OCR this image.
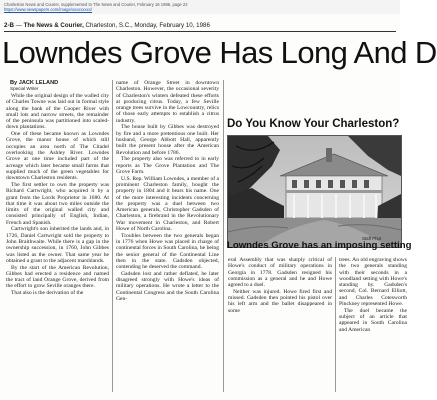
Charleston News and Courier, supplemented to The News and Courier, February 16 1986, page 22
https://www.newspapers.com/image/xxxxxxxxx/
2-B — The News & Courier, Charleston, S.C., Monday, February 10, 1986
Lowndes Grove Has Long And D
By JACK LELAND
Special Writer

While the original design of the walled city of Charles Towne was laid out in formal style along the bank of the Cooper River with small lots and narrow streets, the remainder of the peninsula was partitioned into scaled-down plantations.

One of these became known as Lowndes Grove, the manor house of which still occupies an area north of The Citadel overlooking the Ashley River. Lowndes Grove at one time included part of the acreage which later became small farms that supplied much of the green vegetables for downtown Charleston residents.

The first settler to own the property was Richard Cartwright, who acquired it by a grant from the Lords Proprietor in 1680. At that time it was about two miles outside the limits of the original walled city and consisted principally of English, Indian, French and Spanish.

Cartwright's son inherited the lands and, in 1726, Daniel Cartwright sold the property to John Braithwaite. While there is a gap in the ownership succession, in 1760, John Gibbes was listed as the owner. That same year he obtained a grant to the adjacent marshlands.

By the start of the American Revolution, Gibbes had erected a residence and named the tract of land Orange Grove, derived from the effort to grow Seville oranges there.

That also is the derivation of the

name of Orange Street in downtown Charleston. However, the occasional severity of Charleston's winters defeated these efforts at producing citrus. Today, a few Seville orange trees survive in the Lowcountry, relics of those early attempts to establish a citrus industry.

The house built by Gibbes was destroyed by fire and a more pretentious one built. Her husband, George Abbott Hall, apparently built the present house after the American Revolution and before 1786.

The property also was referred to in early reports as The Grove Plantation and The Grove Farm.

U.S. Rep. William Lowndes, a member of a prominent Charleston family, bought the property in 1804 and it bears his name. One of the more interesting incidents concerning the property was a duel between two American generals, Christopher Gadsden of Charleston, a firebrand in the Revolutionary War movement in Charleston, and Robert Howe of North Carolina.

Troubles between the two generals began in 1776 when Howe was placed in charge of continental forces in South Carolina, he being the senior general of the Continental Line then in the state. Gadsden objected, contending he deserved the command.

Gadsden lost and rather deflated, he later disagreed strongly with Howe's ideas of military operations. He wrote a letter to the Continental Congress and the South Carolina Gen-

Do You Know Your Charleston?
Staff Phot
Lowndes Grove has an imposing setting

eral Assembly that was sharply critical of Howe's conduct of military operations in Georgia in 1778. Gadsden resigned his commission as a general and he and Howe agreed to a duel.

Neither was injured. Howe fired first and missed. Gadsden then pointed his pistol over his left arm and the ballet disappeared in some

trees. An old engraving shows the two generals standing with their seconds in a woodland setting with Howe's standing by. Gadsden's second, Col. Bernard Elliott, and Charles Cotesworth Pinckney represented Howe.

The duel became the subject of an article that appeared in South Carolina and American
